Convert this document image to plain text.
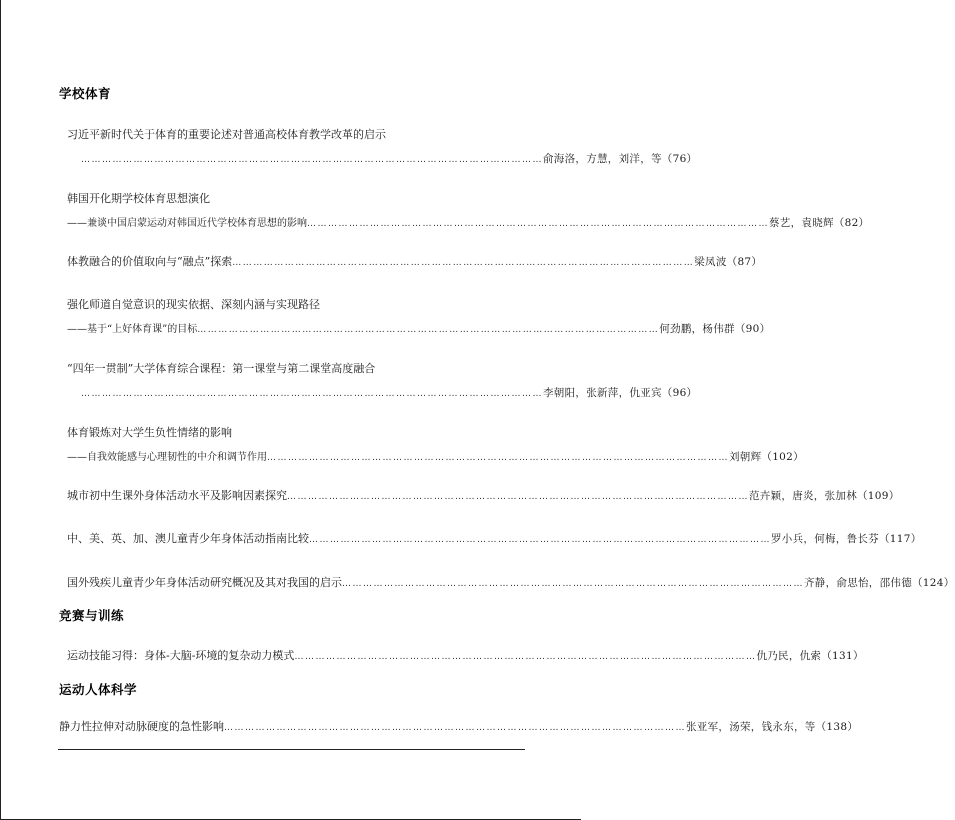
学校体育
习近平新时代关于体育的重要论述对普通高校体育教学改革的启示
…………………………………………………………………………………………………………………… 俞海洛，方慧，刘洋，等（76）
韩国开化期学校体育思想演化
——兼谈中国启蒙运动对韩国近代学校体育思想的影响 …………………………………………………………………………………………………………………… 蔡艺，袁晓辉（82）
体教融合的价值取向与“融点”探索 …………………………………………………………………………………………………………………… 梁凤波（87）
强化师道自觉意识的现实依据、深刻内涵与实现路径
——基于“上好体育课”的目标 …………………………………………………………………………………………………………………… 何劲鹏，杨伟群（90）
“四年一贯制”大学体育综合课程：第一课堂与第二课堂高度融合
…………………………………………………………………………………………………………………… 李朝阳，张新萍，仇亚宾（96）
体育锻炼对大学生负性情绪的影响
——自我效能感与心理韧性的中介和调节作用 …………………………………………………………………………………………………………………… 刘朝辉（102）
城市初中生课外身体活动水平及影响因素探究 …………………………………………………………………………………………………………………… 范卉颖，唐炎，张加林（109）
中、美、英、加、澳儿童青少年身体活动指南比较 …………………………………………………………………………………………………………………… 罗小兵，何梅，鲁长芬（117）
国外残疾儿童青少年身体活动研究概况及其对我国的启示 …………………………………………………………………………………………………………………… 齐静，俞思怡，邵伟德（124）
竞赛与训练
运动技能习得：身体-大脑-环境的复杂动力模式 …………………………………………………………………………………………………………………… 仇乃民，仇索（131）
运动人体科学
静力性拉伸对动脉硬度的急性影响 …………………………………………………………………………………………………………………… 张亚军，汤荣，钱永东，等（138）
